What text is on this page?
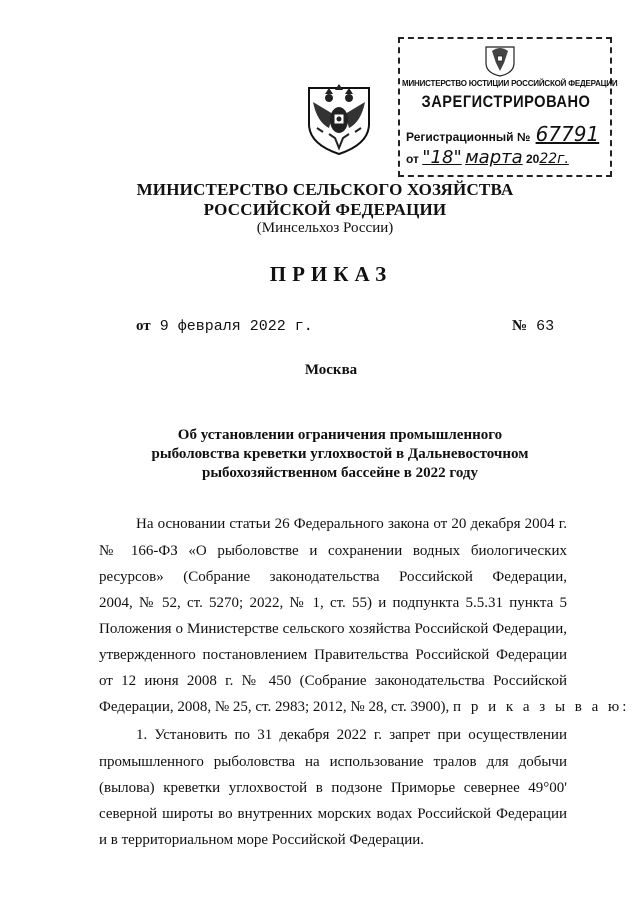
МИНИСТЕРСТВО ЮСТИЦИИ РОССИЙСКОЙ ФЕДЕРАЦИИ
ЗАРЕГИСТРИРОВАНО
Регистрационный № 67791
от "18" марта 2022г.
МИНИСТЕРСТВО СЕЛЬСКОГО ХОЗЯЙСТВА
РОССИЙСКОЙ ФЕДЕРАЦИИ
(Минсельхоз России)
ПРИКАЗ
от 9 февраля 2022 г.	№ 63
Москва
Об установлении ограничения промышленного
рыболовства креветки углохвостой в Дальневосточном
рыбохозяйственном бассейне в 2022 году
На основании статьи 26 Федерального закона от 20 декабря 2004 г.
№ 166-ФЗ «О рыболовстве и сохранении водных биологических
ресурсов» (Собрание законодательства Российской Федерации,
2004, № 52, ст. 5270; 2022, № 1, ст. 55) и подпункта 5.5.31 пункта 5
Положения о Министерстве сельского хозяйства Российской Федерации,
утвержденного постановлением Правительства Российской Федерации
от 12 июня 2008 г. № 450 (Собрание законодательства Российской
Федерации, 2008, № 25, ст. 2983; 2012, № 28, ст. 3900), п р и к а з ы в а ю:
1. Установить по 31 декабря 2022 г. запрет при осуществлении
промышленного рыболовства на использование тралов для добычи
(вылова) креветки углохвостой в подзоне Приморье севернее 49°00'
северной широты во внутренних морских водах Российской Федерации
и в территориальном море Российской Федерации.
